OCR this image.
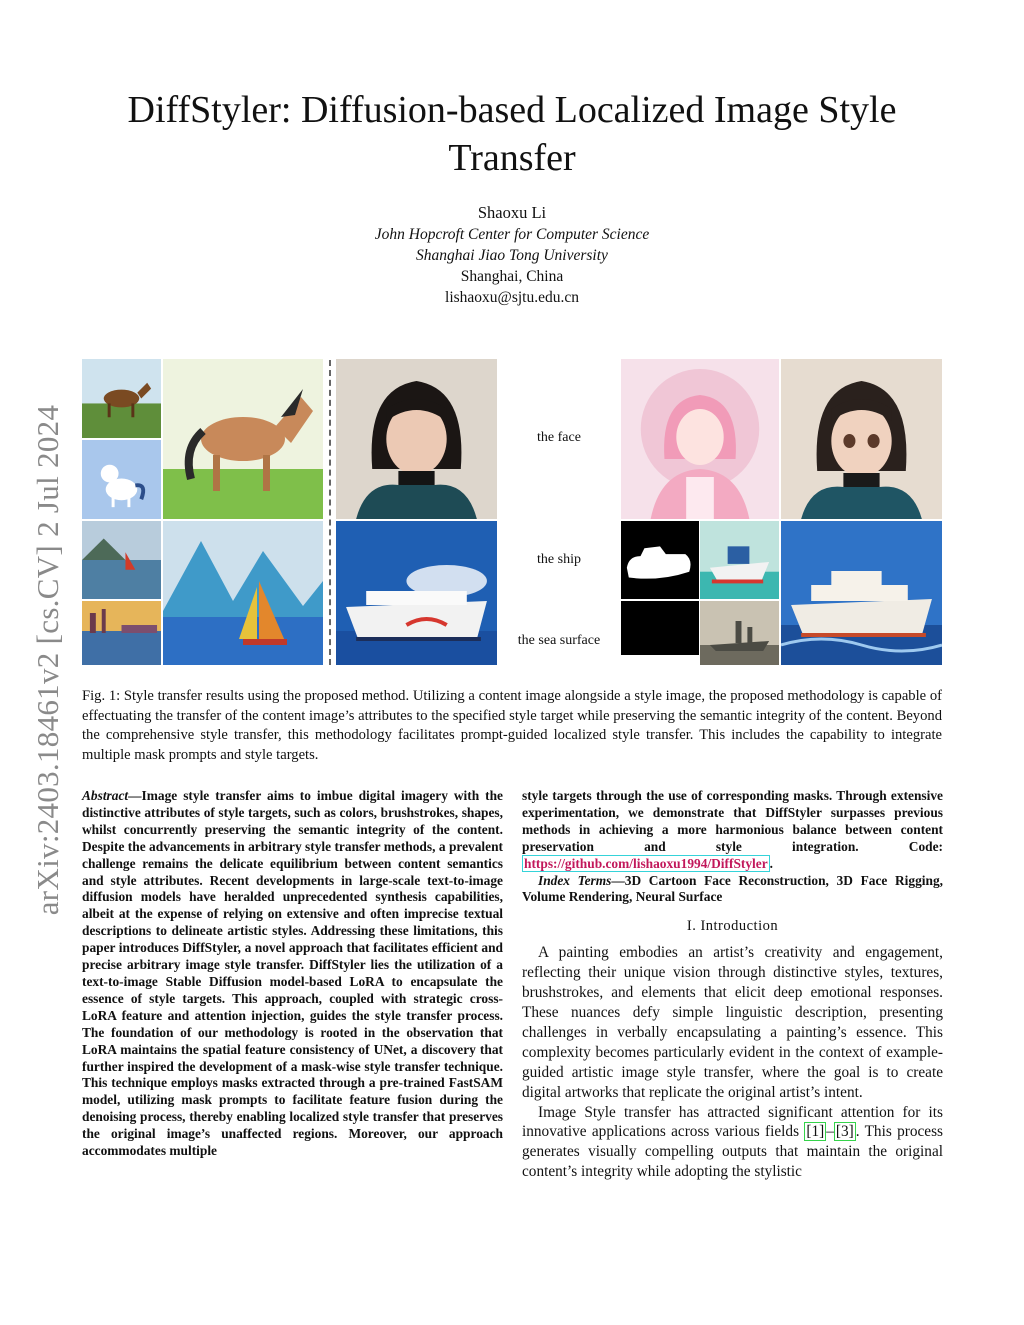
arXiv:2403.18461v2 [cs.CV] 2 Jul 2024
DiffStyler: Diffusion-based Localized Image Style Transfer
Shaoxu Li
John Hopcroft Center for Computer Science
Shanghai Jiao Tong University
Shanghai, China
lishaoxu@sjtu.edu.cn
the face
the ship
the sea surface

Fig. 1: Style transfer results using the proposed method. Utilizing a content image alongside a style image, the proposed methodology is capable of effectuating the transfer of the content image’s attributes to the specified style target while preserving the semantic integrity of the content. Beyond the comprehensive style transfer, this methodology facilitates prompt-guided localized style transfer. This includes the capability to integrate multiple mask prompts and style targets.

Abstract—Image style transfer aims to imbue digital imagery with the distinctive attributes of style targets, such as colors, brushstrokes, shapes, whilst concurrently preserving the semantic integrity of the content. Despite the advancements in arbitrary style transfer methods, a prevalent challenge remains the delicate equilibrium between content semantics and style attributes. Recent developments in large-scale text-to-image diffusion models have heralded unprecedented synthesis capabilities, albeit at the expense of relying on extensive and often imprecise textual descriptions to delineate artistic styles. Addressing these limitations, this paper introduces DiffStyler, a novel approach that facilitates efficient and precise arbitrary image style transfer. DiffStyler lies the utilization of a text-to-image Stable Diffusion model-based LoRA to encapsulate the essence of style targets. This approach, coupled with strategic cross-LoRA feature and attention injection, guides the style transfer process. The foundation of our methodology is rooted in the observation that LoRA maintains the spatial feature consistency of UNet, a discovery that further inspired the development of a mask-wise style transfer technique. This technique employs masks extracted through a pre-trained FastSAM model, utilizing mask prompts to facilitate feature fusion during the denoising process, thereby enabling localized style transfer that preserves the original image’s unaffected regions. Moreover, our approach accommodates multiple

style targets through the use of corresponding masks. Through extensive experimentation, we demonstrate that DiffStyler surpasses previous methods in achieving a more harmonious balance between content preservation and style integration. Code: https://github.com/lishaoxu1994/DiffStyler .

Index Terms—3D Cartoon Face Reconstruction, 3D Face Rigging, Volume Rendering, Neural Surface

I. Introduction

A painting embodies an artist’s creativity and engagement, reflecting their unique vision through distinctive styles, textures, brushstrokes, and elements that elicit deep emotional responses. These nuances defy simple linguistic description, presenting challenges in verbally encapsulating a painting’s essence. This complexity becomes particularly evident in the context of example-guided artistic image style transfer, where the goal is to create digital artworks that replicate the original artist’s intent.

Image Style transfer has attracted significant attention for its innovative applications across various fields [1] – [3] . This process generates visually compelling outputs that maintain the original content’s integrity while adopting the stylistic
